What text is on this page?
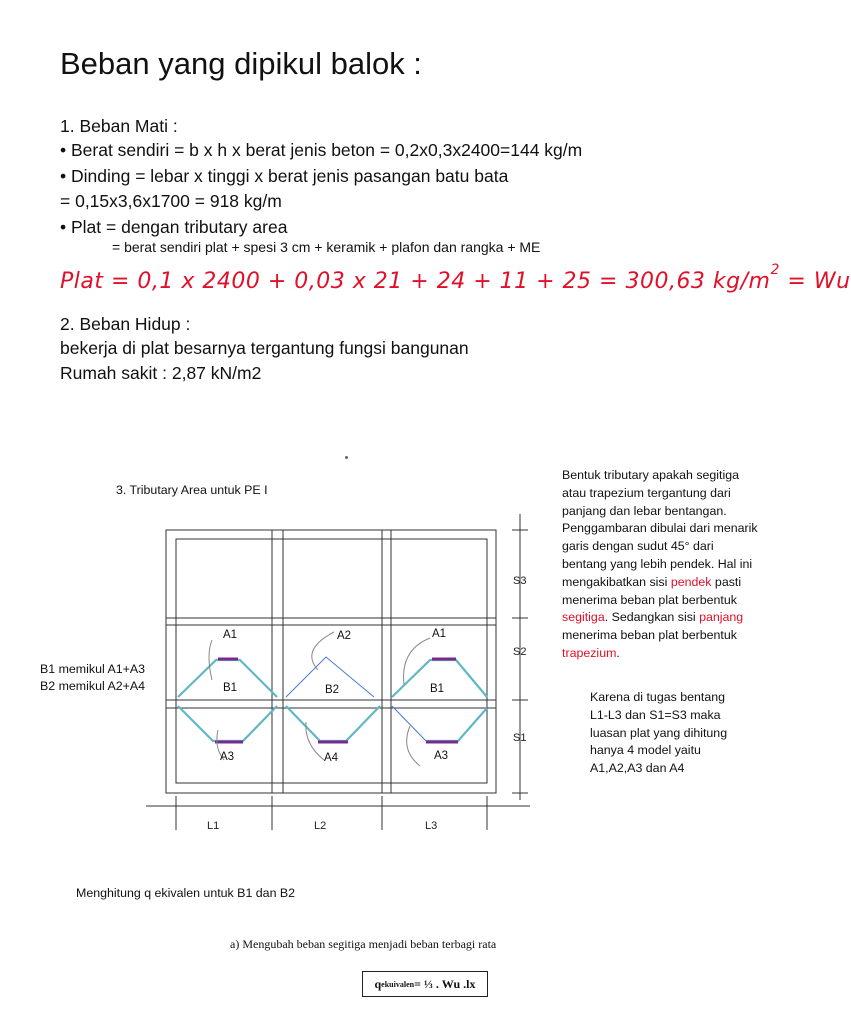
Beban yang dipikul balok :
1. Beban Mati :
• Berat sendiri = b x h x berat jenis beton = 0,2x0,3x2400=144 kg/m
• Dinding = lebar x tinggi x berat jenis pasangan batu bata
= 0,15x3,6x1700 = 918 kg/m
• Plat = dengan tributary area
= berat sendiri plat + spesi 3 cm + keramik + plafon dan rangka + ME
Plat = 0,1 x 2400 + 0,03 x 21 + 24 + 11 + 25 = 300,63 $kg/m^2 = Wu$
2. Beban Hidup :
bekerja di plat besarnya tergantung fungsi bangunan
Rumah sakit : 2,87 kN/m2
3. Tributary Area untuk PE I
B1 memikul A1+A3
B2 memikul A2+A4
A1	A2	A1
B1	B2	B1
A3	A4	A3
L1	L2	L3
S3
S2
S1
Bentuk tributary apakah segitiga atau trapezium tergantung dari panjang dan lebar bentangan. Penggambaran dibulai dari menarik garis dengan sudut 45° dari bentang yang lebih pendek. Hal ini mengakibatkan sisi pendek pasti menerima beban plat berbentuk segitiga. Sedangkan sisi panjang menerima beban plat berbentuk trapezium.
Karena di tugas bentang L1-L3 dan S1=S3 maka luasan plat yang dihitung hanya 4 model yaitu A1,A2,A3 dan A4
Menghitung q ekivalen untuk B1 dan B2
a) Mengubah beban segitiga menjadi beban terbagi rata
q ekuivalen = ⅓ . Wu .lx
